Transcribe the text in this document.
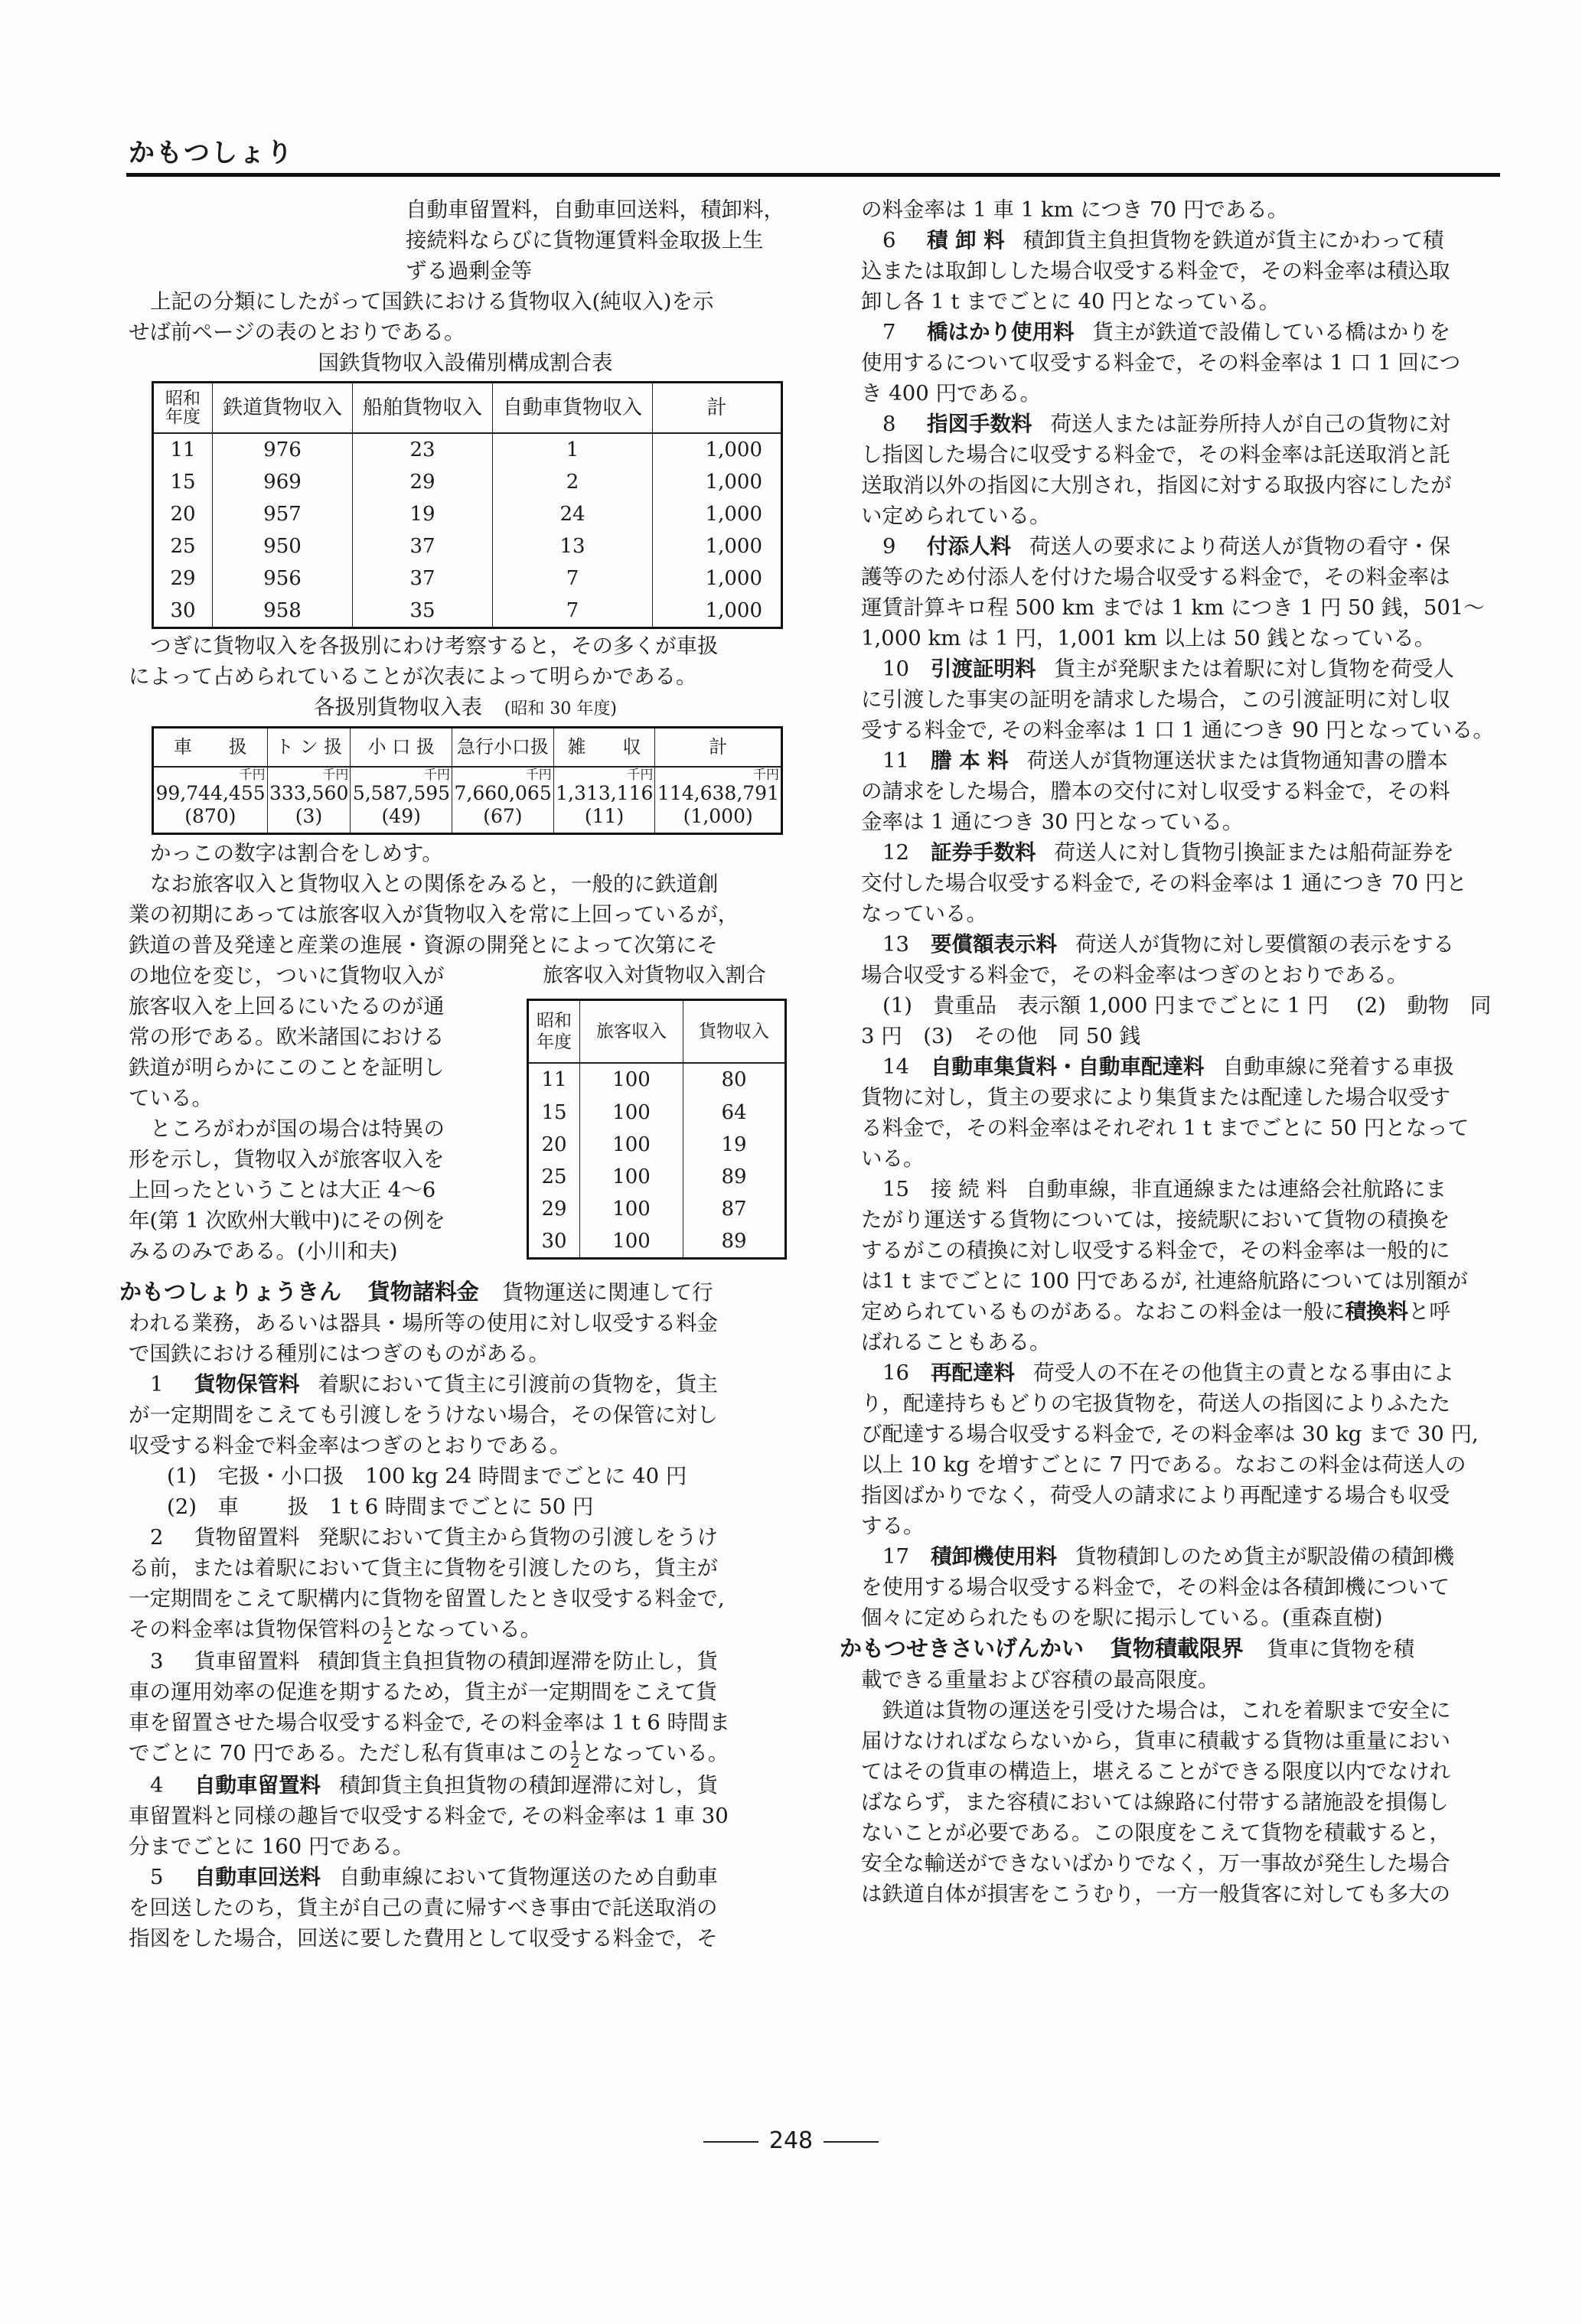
かもつしょり

自動車留置料，自動車回送料，積卸料，

接続料ならびに貨物運賃料金取扱上生

ずる過剰金等

上記の分類にしたがって国鉄における貨物収入(純収入)を示

せば前ページの表のとおりである。

国鉄貨物収入設備別構成割合表

昭和
年度	鉄道貨物収入	船舶貨物収入	自動車貨物収入	計
11	976	23	1	1,000
15	969	29	2	1,000
20	957	19	24	1,000
25	950	37	13	1,000
29	956	37	7	1,000
30	958	35	7	1,000

つぎに貨物収入を各扱別にわけ考察すると，その多くが車扱

によって占められていることが次表によって明らかである。

各扱別貨物収入表 (昭和 30 年度)

車　　扱	ト ン 扱	小 口 扱	急行小口扱	雑　　収	計

千円
99,744,455
(870)

千円
333,560
(3)

千円
5,587,595
(49)

千円
7,660,065
(67)

千円
1,313,116
(11)

千円
114,638,791
(1,000)

かっこの数字は割合をしめす。

なお旅客収入と貨物収入との関係をみると，一般的に鉄道創

業の初期にあっては旅客収入が貨物収入を常に上回っているが，

鉄道の普及発達と産業の進展・資源の開発とによって次第にそ

の地位を変じ，ついに貨物収入が

旅客収入を上回るにいたるのが通

常の形である。欧米諸国における

鉄道が明らかにこのことを証明し

ている。

ところがわが国の場合は特異の

形を示し，貨物収入が旅客収入を

上回ったということは大正 4～6

年(第 1 次欧州大戦中)にその例を

みるのみである。(小川和夫)

旅客収入対貨物収入割合

昭和
年度	旅客収入	貨物収入
11	100	80
15	100	64
20	100	19
25	100	89
29	100	87
30	100	89

かもつしょりょうきん 貨物諸料金 貨物運送に関連して行

われる業務，あるいは器具・場所等の使用に対し収受する料金

で国鉄における種別にはつぎのものがある。

1 貨物保管料 着駅において貨主に引渡前の貨物を，貨主

が一定期間をこえても引渡しをうけない場合，その保管に対し

収受する料金で料金率はつぎのとおりである。

(1)　宅扱・小口扱　100 kg 24 時間までごとに 40 円

(2)　車　　 扱　1 t 6 時間までごとに 50 円

2 貨物留置料 発駅において貨主から貨物の引渡しをうけ

る前，または着駅において貨主に貨物を引渡したのち，貨主が

一定期間をこえて駅構内に貨物を留置したとき収受する料金で,

その料金率は貨物保管料の $\frac{1}{2}$ となっている。

3 貨車留置料 積卸貨主負担貨物の積卸遅滞を防止し，貨

車の運用効率の促進を期するため，貨主が一定期間をこえて貨

車を留置させた場合収受する料金で, その料金率は 1 t 6 時間ま

でごとに 70 円である。ただし私有貨車はこの $\frac{1}{2}$ となっている。

4 自動車留置料 積卸貨主負担貨物の積卸遅滞に対し，貨

車留置料と同様の趣旨で収受する料金で, その料金率は 1 車 30

分までごとに 160 円である。

5 自動車回送料 自動車線において貨物運送のため自動車

を回送したのち，貨主が自己の責に帰すべき事由で託送取消の

指図をした場合，回送に要した費用として収受する料金で，そ

の料金率は 1 車 1 km につき 70 円である。

6 積 卸 料 積卸貨主負担貨物を鉄道が貨主にかわって積

込または取卸しした場合収受する料金で，その料金率は積込取

卸し各 1 t までごとに 40 円となっている。

7 橋はかり使用料 貨主が鉄道で設備している橋はかりを

使用するについて収受する料金で，その料金率は 1 口 1 回につ

き 400 円である。

8 指図手数料 荷送人または証券所持人が自己の貨物に対

し指図した場合に収受する料金で，その料金率は託送取消と託

送取消以外の指図に大別され，指図に対する取扱内容にしたが

い定められている。

9 付添人料 荷送人の要求により荷送人が貨物の看守・保

護等のため付添人を付けた場合収受する料金で，その料金率は

運賃計算キロ程 500 km までは 1 km につき 1 円 50 銭，501～

1,000 km は 1 円，1,001 km 以上は 50 銭となっている。

10 引渡証明料 貨主が発駅または着駅に対し貨物を荷受人

に引渡した事実の証明を請求した場合，この引渡証明に対し収

受する料金で, その料金率は 1 口 1 通につき 90 円となっている。

11 謄 本 料 荷送人が貨物運送状または貨物通知書の謄本

の請求をした場合，謄本の交付に対し収受する料金で，その料

金率は 1 通につき 30 円となっている。

12 証券手数料 荷送人に対し貨物引換証または船荷証券を

交付した場合収受する料金で, その料金率は 1 通につき 70 円と

なっている。

13 要償額表示料 荷送人が貨物に対し要償額の表示をする

場合収受する料金で，その料金率はつぎのとおりである。

(1)　貴重品　表示額 1,000 円までごとに 1 円　 (2)　動物　同

3 円　(3)　その他　同 50 銭

14 自動車集貨料・自動車配達料 自動車線に発着する車扱

貨物に対し，貨主の要求により集貨または配達した場合収受す

る料金で，その料金率はそれぞれ 1 t までごとに 50 円となって

いる。

15 接 続 料 自動車線，非直通線または連絡会社航路にま

たがり運送する貨物については，接続駅において貨物の積換を

するがこの積換に対し収受する料金で，その料金率は一般的に

は1 t までごとに 100 円であるが, 社連絡航路については別額が

定められているものがある。なおこの料金は一般に積換料と呼

ばれることもある。

16 再配達料 荷受人の不在その他貨主の責となる事由によ

り，配達持ちもどりの宅扱貨物を，荷送人の指図によりふたた

び配達する場合収受する料金で, その料金率は 30 kg まで 30 円,

以上 10 kg を増すごとに 7 円である。なおこの料金は荷送人の

指図ばかりでなく，荷受人の請求により再配達する場合も収受

する。

17 積卸機使用料 貨物積卸しのため貨主が駅設備の積卸機

を使用する場合収受する料金で，その料金は各積卸機について

個々に定められたものを駅に掲示している。(重森直樹)

かもつせきさいげんかい 貨物積載限界 貨車に貨物を積

載できる重量および容積の最高限度。

鉄道は貨物の運送を引受けた場合は，これを着駅まで安全に

届けなければならないから，貨車に積載する貨物は重量におい

てはその貨車の構造上，堪えることができる限度以内でなけれ

ばならず，また容積においては線路に付帯する諸施設を損傷し

ないことが必要である。この限度をこえて貨物を積載すると，

安全な輸送ができないばかりでなく，万一事故が発生した場合

は鉄道自体が損害をこうむり，一方一般貨客に対しても多大の

248
